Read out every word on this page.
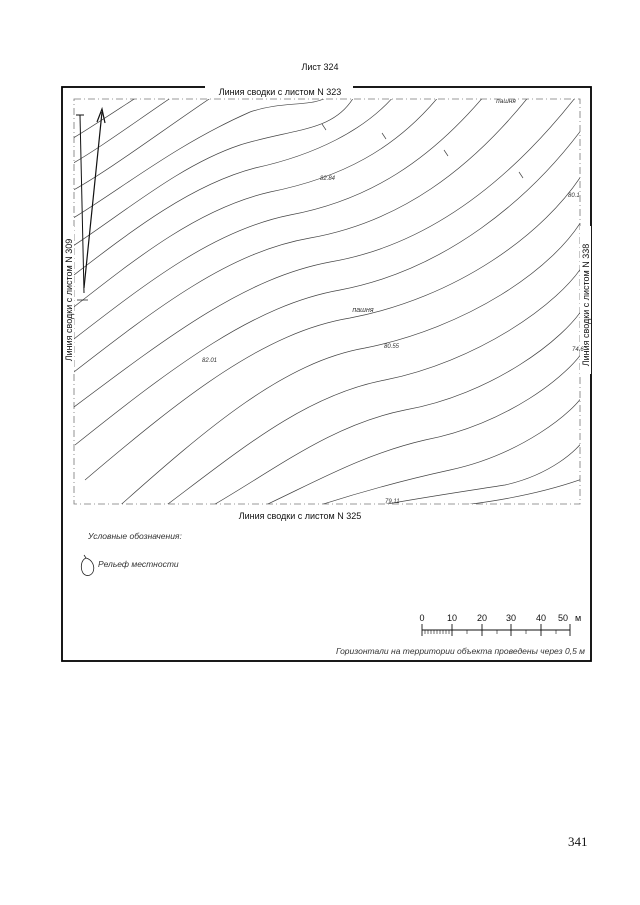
Лист 324
Линия сводки с листом N 323
Линия сводки с листом N 325
Линия сводки с листом N 309	Линия сводки с листом N 338
пашня
пашня
82.84
82.01
80.55
79.11
80.1
74.6
Условные обозначения:
Рельеф местности
0 10 20 30 40 50 м
Горизонтали на территории объекта проведены через 0,5 м
341
